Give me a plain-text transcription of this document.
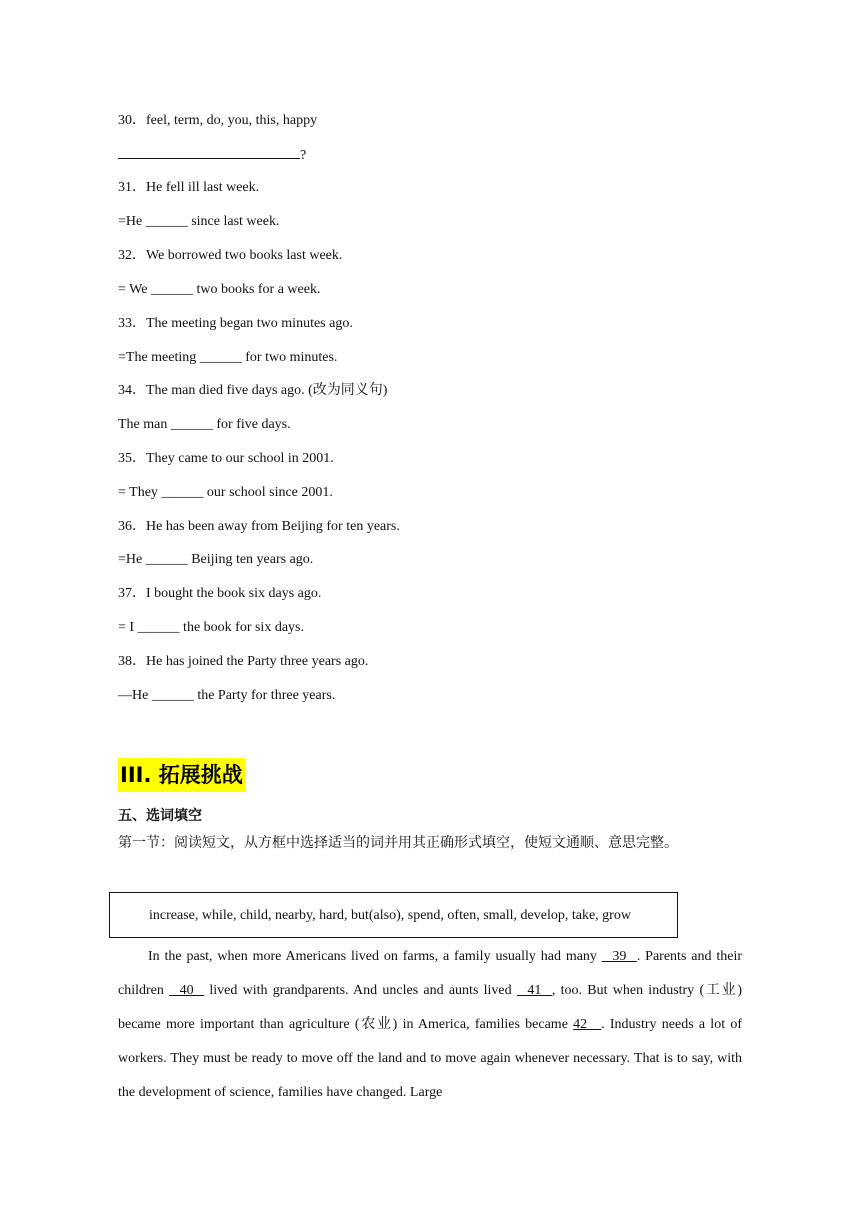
30．feel, term, do, you, this, happy
?
31．He fell ill last week.
=He ______ since last week.
32．We borrowed two books last week.
= We ______ two books for a week.
33．The meeting began two minutes ago.
=The meeting ______ for two minutes.
34．The man died five days ago. (改为同义句)
The man ______ for five days.
35．They came to our school in 2001.
= They ______ our school since 2001.
36．He has been away from Beijing for ten years.
=He ______ Beijing ten years ago.
37．I bought the book six days ago.
= I ______ the book for six days.
38．He has joined the Party three years ago.
—He ______ the Party for three years.
III. 拓展挑战
五、选词填空
第一节：阅读短文，从方框中选择适当的词并用其正确形式填空，使短文通顺、意思完整。
increase, while, child, nearby, hard, but(also), spend, often, small, develop, take, grow
In the past, when more Americans lived on farms, a family usually had many    39   . Parents and their children    40    lived with grandparents. And uncles and aunts lived    41   , too. But when industry (工业) became more important than agriculture (农业) in America, families became 42    . Industry needs a lot of workers. They must be ready to move off the land and to move again whenever necessary. That is to say, with the development of science, families have changed. Large
